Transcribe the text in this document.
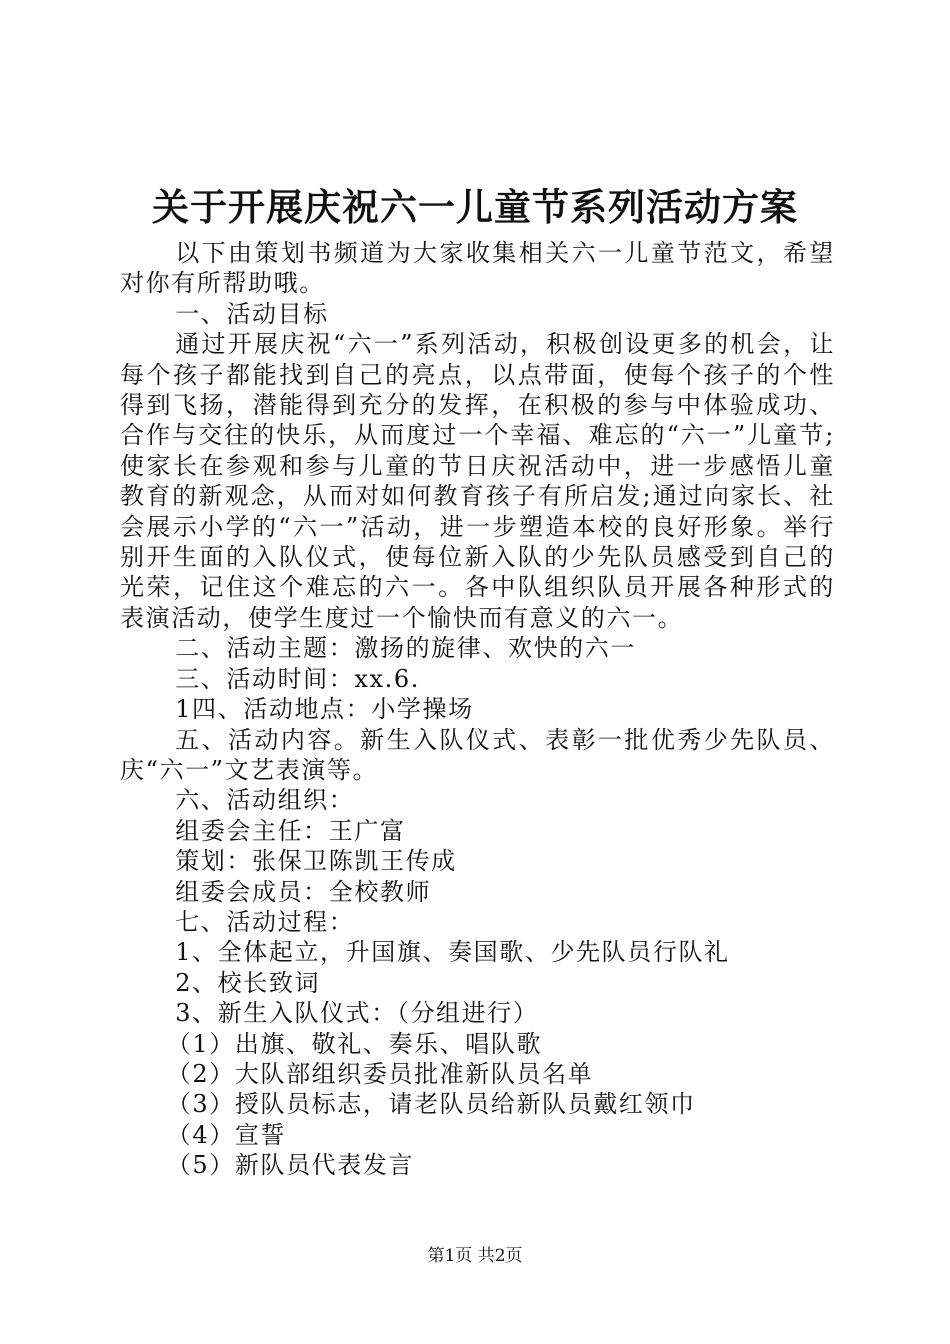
关于开展庆祝六一儿童节系列活动方案

以下由策划书频道为大家收集相关六一儿童节范文，希望对你有所帮助哦。

一、活动目标

通过开展庆祝“六一”系列活动，积极创设更多的机会，让每个孩子都能找到自己的亮点，以点带面，使每个孩子的个性得到飞扬，潜能得到充分的发挥，在积极的参与中体验成功、合作与交往的快乐，从而度过一个幸福、难忘的“六一”儿童节;使家长在参观和参与儿童的节日庆祝活动中，进一步感悟儿童教育的新观念，从而对如何教育孩子有所启发;通过向家长、社会展示小学的“六一”活动，进一步塑造本校的良好形象。举行别开生面的入队仪式，使每位新入队的少先队员感受到自己的光荣，记住这个难忘的六一。各中队组织队员开展各种形式的表演活动，使学生度过一个愉快而有意义的六一。

二、活动主题：激扬的旋律、欢快的六一

三、活动时间：xx.6.

1四、活动地点：小学操场

五、活动内容。新生入队仪式、表彰一批优秀少先队员、庆“六一”文艺表演等。

六、活动组织：

组委会主任：王广富

策划：张保卫陈凯王传成

组委会成员：全校教师

七、活动过程：

1、全体起立，升国旗、奏国歌、少先队员行队礼

2、校长致词

3、新生入队仪式：（分组进行）

（1）出旗、敬礼、奏乐、唱队歌

（2）大队部组织委员批准新队员名单

（3）授队员标志，请老队员给新队员戴红领巾

（4）宣誓

（5）新队员代表发言

第1页 共2页
